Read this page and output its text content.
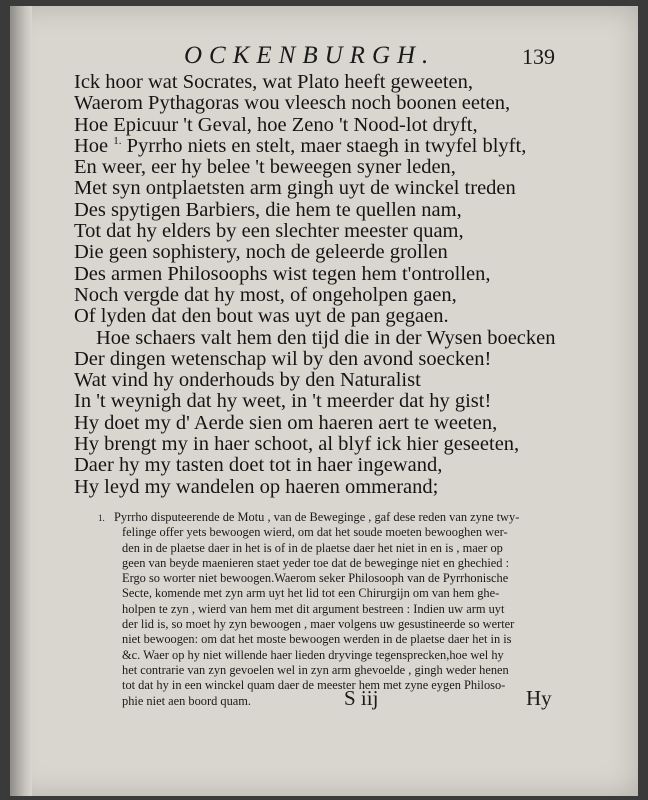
OCKENBURGH.	139
Ick hoor wat Socrates, wat Plato heeft geweeten,
Waerom Pythagoras wou vleesch noch boonen eeten,
Hoe Epicuur 't Geval, hoe Zeno 't Nood-lot dryft,
Hoe $^{1.}$ Pyrrho niets en stelt, maer staegh in twyfel blyft,
En weer, eer hy belee 't beweegen syner leden,
Met syn ontplaetsten arm gingh uyt de winckel treden
Des spytigen Barbiers, die hem te quellen nam,
Tot dat hy elders by een slechter meester quam,
Die geen sophistery, noch de geleerde grollen
Des armen Philosoophs wist tegen hem t'ontrollen,
Noch vergde dat hy most, of ongeholpen gaen,
Of lyden dat den bout was uyt de pan gegaen.
Hoe schaers valt hem den tijd die in der Wysen boecken
Der dingen wetenschap wil by den avond soecken!
Wat vind hy onderhouds by den Naturalist
In 't weynigh dat hy weet, in 't meerder dat hy gist!
Hy doet my d' Aerde sien om haeren aert te weeten,
Hy brengt my in haer schoot, al blyf ick hier geseeten,
Daer hy my tasten doet tot in haer ingewand,
Hy leyd my wandelen op haeren ommerand;
1. Pyrrho disputeerende de Motu , van de Beweginge , gaf dese reden van zyne twy-
felinge offer yets bewoogen wierd, om dat het soude moeten bewooghen wer-
den in de plaetse daer in het is of in de plaetse daer het niet in en is , maer op
geen van beyde maenieren staet yeder toe dat de beweginge niet en ghechied :
Ergo so worter niet bewoogen.Waerom seker Philosooph van de Pyrrhonische
Secte, komende met zyn arm uyt het lid tot een Chirurgijn om van hem ghe-
holpen te zyn , wierd van hem met dit argument bestreen : Indien uw arm uyt
der lid is, so moet hy zyn bewoogen , maer volgens uw gesustineerde so werter
niet bewoogen: om dat het moste bewoogen werden in de plaetse daer het in is
&c. Waer op hy niet willende haer lieden dryvinge tegensprecken,hoe wel hy
het contrarie van zyn gevoelen wel in zyn arm ghevoelde , gingh weder henen
tot dat hy in een winckel quam daer de meester hem met zyne eygen Philoso-
phie niet aen boord quam.	S iij	Hy
